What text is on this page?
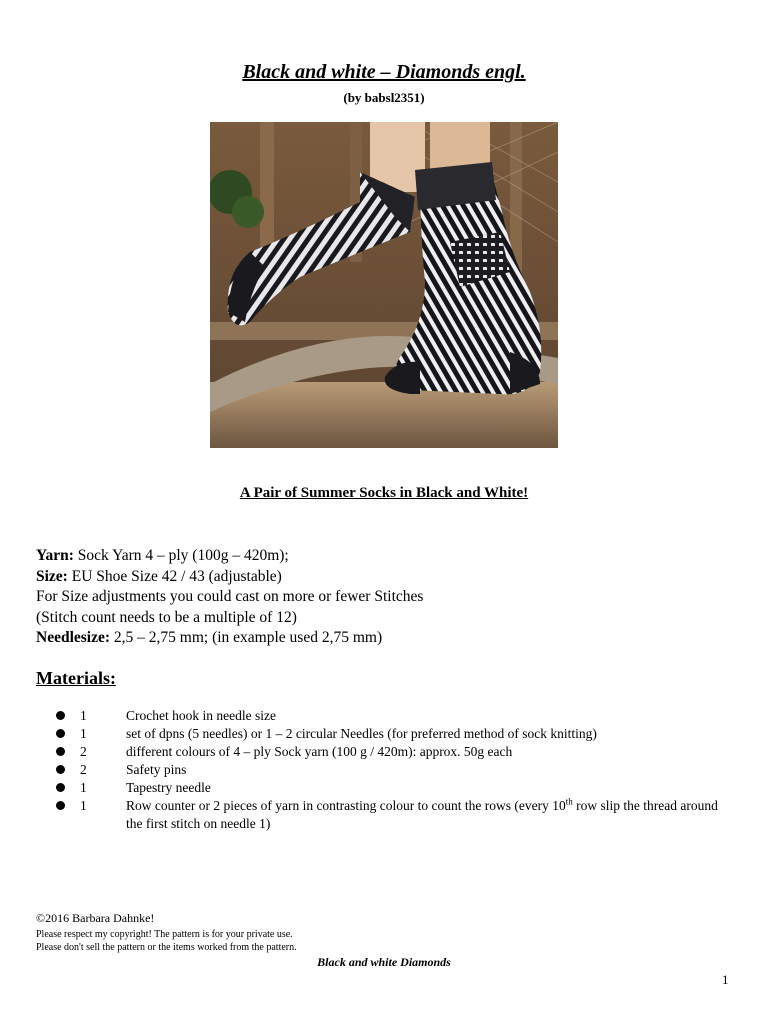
Black and white – Diamonds engl.
(by babsl2351)
A Pair of Summer Socks in Black and White!
Yarn: Sock Yarn 4 – ply (100g – 420m);
Size: EU Shoe Size 42 / 43 (adjustable)
For Size adjustments you could cast on more or fewer Stitches
(Stitch count needs to be a multiple of 12)
Needlesize: 2,5 – 2,75 mm; (in example used 2,75 mm)
Materials:
1	Crochet hook in needle size
1	set of dpns (5 needles) or 1 – 2 circular Needles (for preferred method of sock knitting)
2	different colours of 4 – ply Sock yarn (100 g / 420m): approx. 50g each
2	Safety pins
1	Tapestry needle
1	Row counter or 2 pieces of yarn in contrasting colour to count the rows (every 10th row slip the thread around the first stitch on needle 1)
©2016 Barbara Dahnke!
Please respect my copyright! The pattern is for your private use.
Please don't sell the pattern or the items worked from the pattern.
Black and white Diamonds
1
